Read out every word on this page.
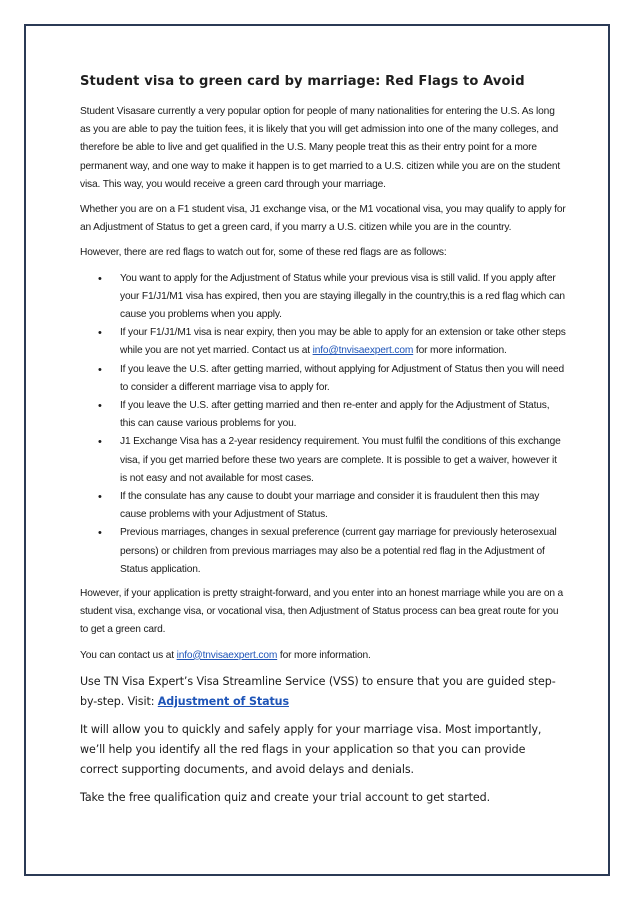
Student visa to green card by marriage: Red Flags to Avoid

Student Visasare currently a very popular option for people of many nationalities for entering the U.S. As long as you are able to pay the tuition fees, it is likely that you will get admission into one of the many colleges, and therefore be able to live and get qualified in the U.S. Many people treat this as their entry point for a more permanent way, and one way to make it happen is to get married to a U.S. citizen while you are on the student visa. This way, you would receive a green card through your marriage.

Whether you are on a F1 student visa, J1 exchange visa, or the M1 vocational visa, you may qualify to apply for an Adjustment of Status to get a green card, if you marry a U.S. citizen while you are in the country.

However, there are red flags to watch out for, some of these red flags are as follows:

• You want to apply for the Adjustment of Status while your previous visa is still valid. If you apply after your F1/J1/M1 visa has expired, then you are staying illegally in the country,this is a red flag which can cause you problems when you apply.
• If your F1/J1/M1 visa is near expiry, then you may be able to apply for an extension or take other steps while you are not yet married. Contact us at info@tnvisaexpert.com for more information.
• If you leave the U.S. after getting married, without applying for Adjustment of Status then you will need to consider a different marriage visa to apply for.
• If you leave the U.S. after getting married and then re-enter and apply for the Adjustment of Status, this can cause various problems for you.
• J1 Exchange Visa has a 2-year residency requirement. You must fulfil the conditions of this exchange visa, if you get married before these two years are complete. It is possible to get a waiver, however it is not easy and not available for most cases.
• If the consulate has any cause to doubt your marriage and consider it is fraudulent then this may cause problems with your Adjustment of Status.
• Previous marriages, changes in sexual preference (current gay marriage for previously heterosexual persons) or children from previous marriages may also be a potential red flag in the Adjustment of Status application.

However, if your application is pretty straight-forward, and you enter into an honest marriage while you are on a student visa, exchange visa, or vocational visa, then Adjustment of Status process can bea great route for you to get a green card.

You can contact us at info@tnvisaexpert.com for more information.

Use TN Visa Expert’s Visa Streamline Service (VSS) to ensure that you are guided step-by-step. Visit: Adjustment of Status

It will allow you to quickly and safely apply for your marriage visa. Most importantly, we’ll help you identify all the red flags in your application so that you can provide correct supporting documents, and avoid delays and denials.

Take the free qualification quiz and create your trial account to get started.
